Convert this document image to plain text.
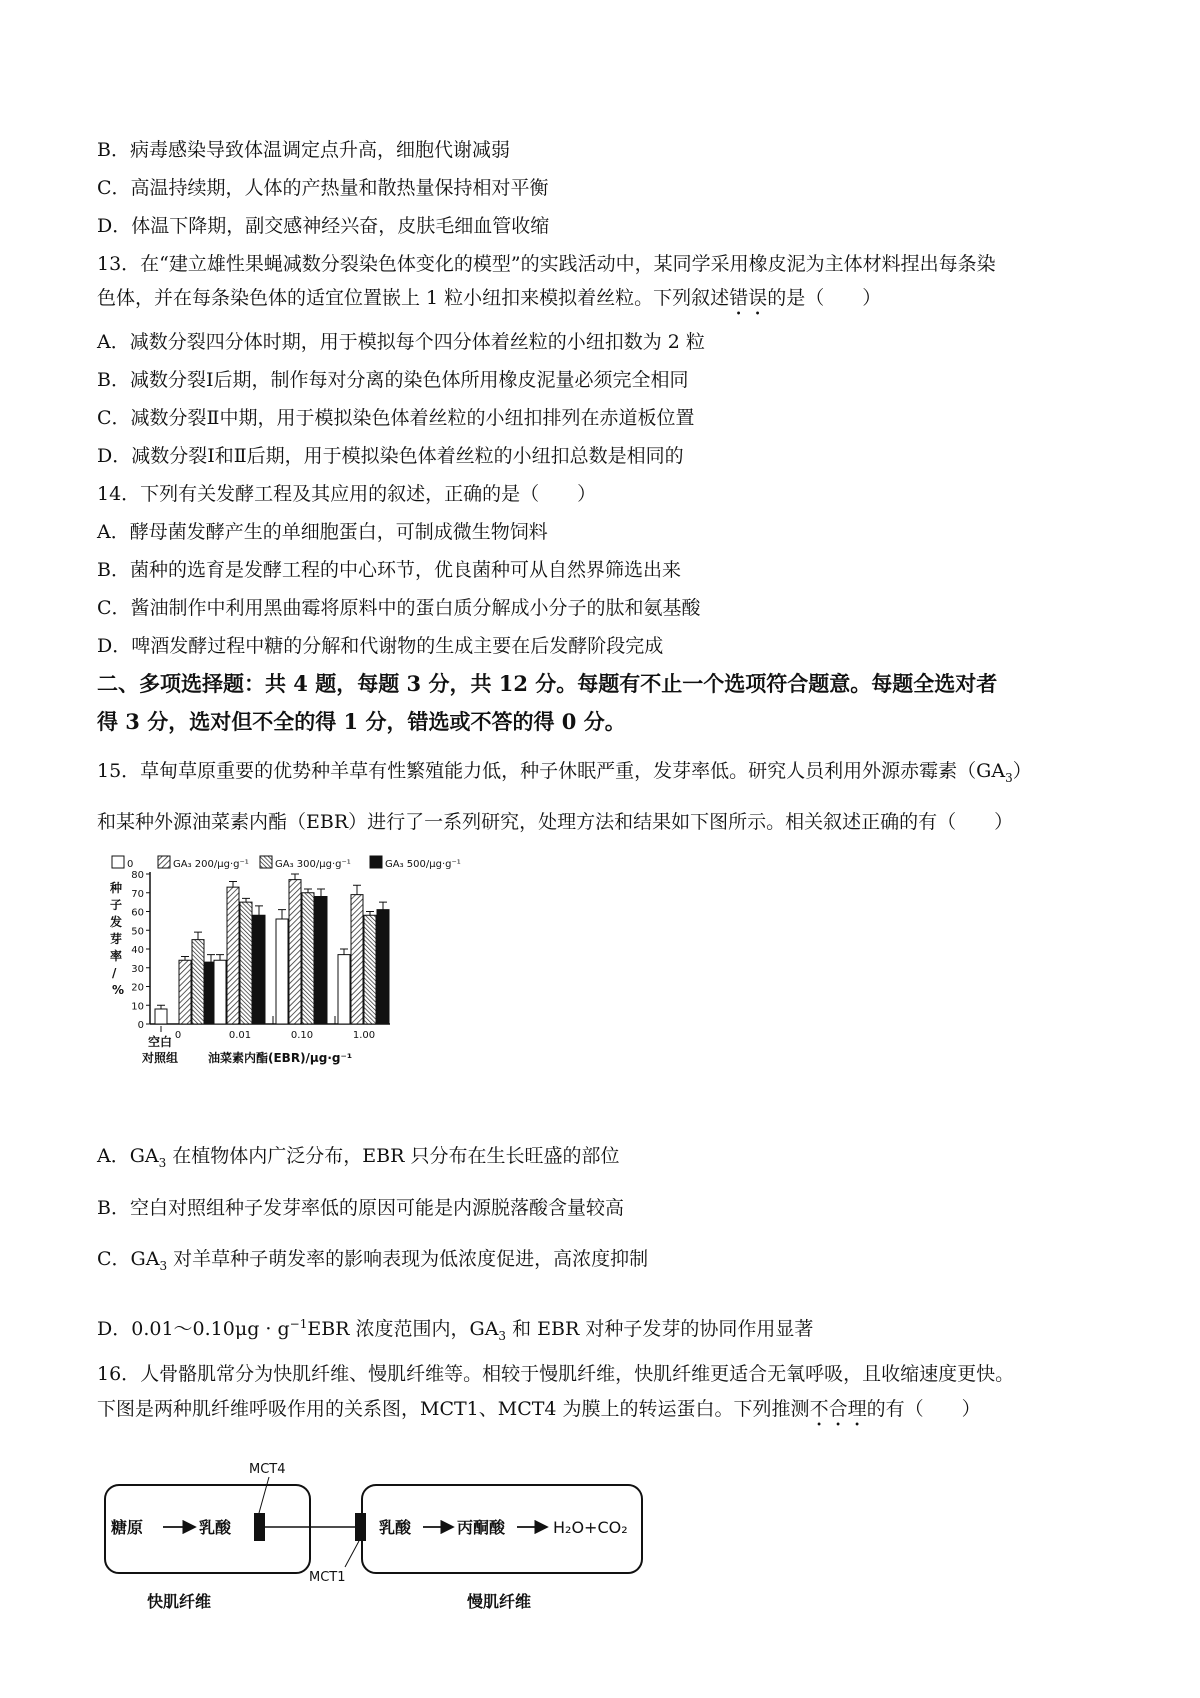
B．病毒感染导致体温调定点升高，细胞代谢减弱
C．高温持续期，人体的产热量和散热量保持相对平衡
D．体温下降期，副交感神经兴奋，皮肤毛细血管收缩
13．在“建立雄性果蝇减数分裂染色体变化的模型”的实践活动中，某同学采用橡皮泥为主体材料捏出每条染
色体，并在每条染色体的适宜位置嵌上 1 粒小纽扣来模拟着丝粒。下列叙述错误的是（　　）
A．减数分裂四分体时期，用于模拟每个四分体着丝粒的小纽扣数为 2 粒
B．减数分裂Ⅰ后期，制作每对分离的染色体所用橡皮泥量必须完全相同
C．减数分裂Ⅱ中期，用于模拟染色体着丝粒的小纽扣排列在赤道板位置
D．减数分裂Ⅰ和Ⅱ后期，用于模拟染色体着丝粒的小纽扣总数是相同的
14．下列有关发酵工程及其应用的叙述，正确的是（　　）
A．酵母菌发酵产生的单细胞蛋白，可制成微生物饲料
B．菌种的选育是发酵工程的中心环节，优良菌种可从自然界筛选出来
C．酱油制作中利用黑曲霉将原料中的蛋白质分解成小分子的肽和氨基酸
D．啤酒发酵过程中糖的分解和代谢物的生成主要在后发酵阶段完成
二、多项选择题：共 4 题，每题 3 分，共 12 分。每题有不止一个选项符合题意。每题全选对者
得 3 分，选对但不全的得 1 分，错选或不答的得 0 分。
15．草甸草原重要的优势种羊草有性繁殖能力低，种子休眠严重，发芽率低。研究人员利用外源赤霉素$(GA_3)$
和某种外源油菜素内酯（EBR）进行了一系列研究，处理方法和结果如下图所示。相关叙述正确的有（　　）
0	GA₃ 200/μg·g⁻¹	GA₃ 300/μg·g⁻¹	GA₃ 500/μg·g⁻¹
0
10
20
30
40
50
60
70
80
种子发芽率/ %
空白
对照组
0	0.01	0.10	1.00
油菜素内酯(EBR)/μg·g⁻¹
A．$GA_3$ 在植物体内广泛分布，EBR 只分布在生长旺盛的部位
B．空白对照组种子发芽率低的原因可能是内源脱落酸含量较高
C．$GA_3$ 对羊草种子萌发率的影响表现为低浓度促进，高浓度抑制
D．0.01～0.10μg · $g^{-1}EBR$ 浓度范围内，$GA_3$ 和 EBR 对种子发芽的协同作用显著
16．人骨骼肌常分为快肌纤维、慢肌纤维等。相较于慢肌纤维，快肌纤维更适合无氧呼吸，且收缩速度更快。
下图是两种肌纤维呼吸作用的关系图，MCT1、MCT4 为膜上的转运蛋白。下列推测不合理的有（　　）
糖原	乳酸	乳酸	丙酮酸	H₂O+CO₂
快肌纤维	慢肌纤维
MCT4
MCT1
